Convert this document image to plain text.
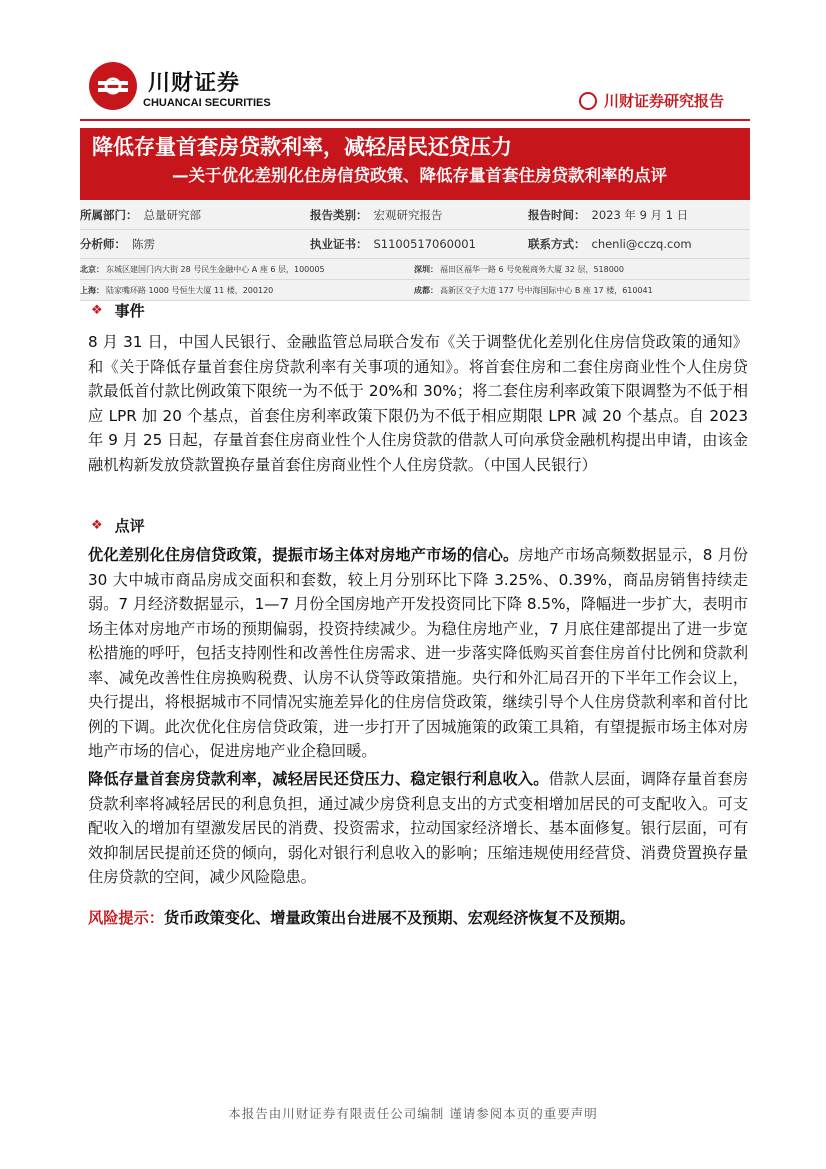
川财证券
CHUANCAI SECURITIES	川财证券研究报告
降低存量首套房贷款利率，减轻居民还贷压力
—关于优化差别化住房信贷政策、降低存量首套住房贷款利率的点评
所属部门： 总量研究部	报告类别： 宏观研究报告	报告时间： 2023 年 9 月 1 日
分析师： 陈雳	执业证书： S1100517060001	联系方式： chenli@cczq.com
北京： 东城区建国门内大街 28 号民生金融中心 A 座 6 层，100005	深圳： 福田区福华一路 6 号免税商务大厦 32 层，518000
上海： 陆家嘴环路 1000 号恒生大厦 11 楼，200120	成都： 高新区交子大道 177 号中海国际中心 B 座 17 楼，610041
❖ 事件
8 月 31 日，中国人民银行、金融监管总局联合发布《关于调整优化差别化住房信贷政策的通知》和《关于降低存量首套住房贷款利率有关事项的通知》。将首套住房和二套住房商业性个人住房贷款最低首付款比例政策下限统一为不低于 20%和 30%；将二套住房利率政策下限调整为不低于相应 LPR 加 20 个基点，首套住房利率政策下限仍为不低于相应期限 LPR 减 20 个基点。自 2023 年 9 月 25 日起，存量首套住房商业性个人住房贷款的借款人可向承贷金融机构提出申请，由该金融机构新发放贷款置换存量首套住房商业性个人住房贷款。（中国人民银行）
❖ 点评
优化差别化住房信贷政策，提振市场主体对房地产市场的信心。房地产市场高频数据显示，8 月份 30 大中城市商品房成交面积和套数，较上月分别环比下降 3.25%、0.39%，商品房销售持续走弱。7 月经济数据显示，1—7 月份全国房地产开发投资同比下降 8.5%，降幅进一步扩大，表明市场主体对房地产市场的预期偏弱，投资持续减少。为稳住房地产业，7 月底住建部提出了进一步宽松措施的呼吁，包括支持刚性和改善性住房需求、进一步落实降低购买首套住房首付比例和贷款利率、减免改善性住房换购税费、认房不认贷等政策措施。央行和外汇局召开的下半年工作会议上，央行提出，将根据城市不同情况实施差异化的住房信贷政策，继续引导个人住房贷款利率和首付比例的下调。此次优化住房信贷政策，进一步打开了因城施策的政策工具箱，有望提振市场主体对房地产市场的信心，促进房地产业企稳回暖。
降低存量首套房贷款利率，减轻居民还贷压力、稳定银行利息收入。借款人层面，调降存量首套房贷款利率将减轻居民的利息负担，通过减少房贷利息支出的方式变相增加居民的可支配收入。可支配收入的增加有望激发居民的消费、投资需求，拉动国家经济增长、基本面修复。银行层面，可有效抑制居民提前还贷的倾向，弱化对银行利息收入的影响；压缩违规使用经营贷、消费贷置换存量住房贷款的空间，减少风险隐患。
风险提示：货币政策变化、增量政策出台进展不及预期、宏观经济恢复不及预期。
本报告由川财证券有限责任公司编制 谨请参阅本页的重要声明
